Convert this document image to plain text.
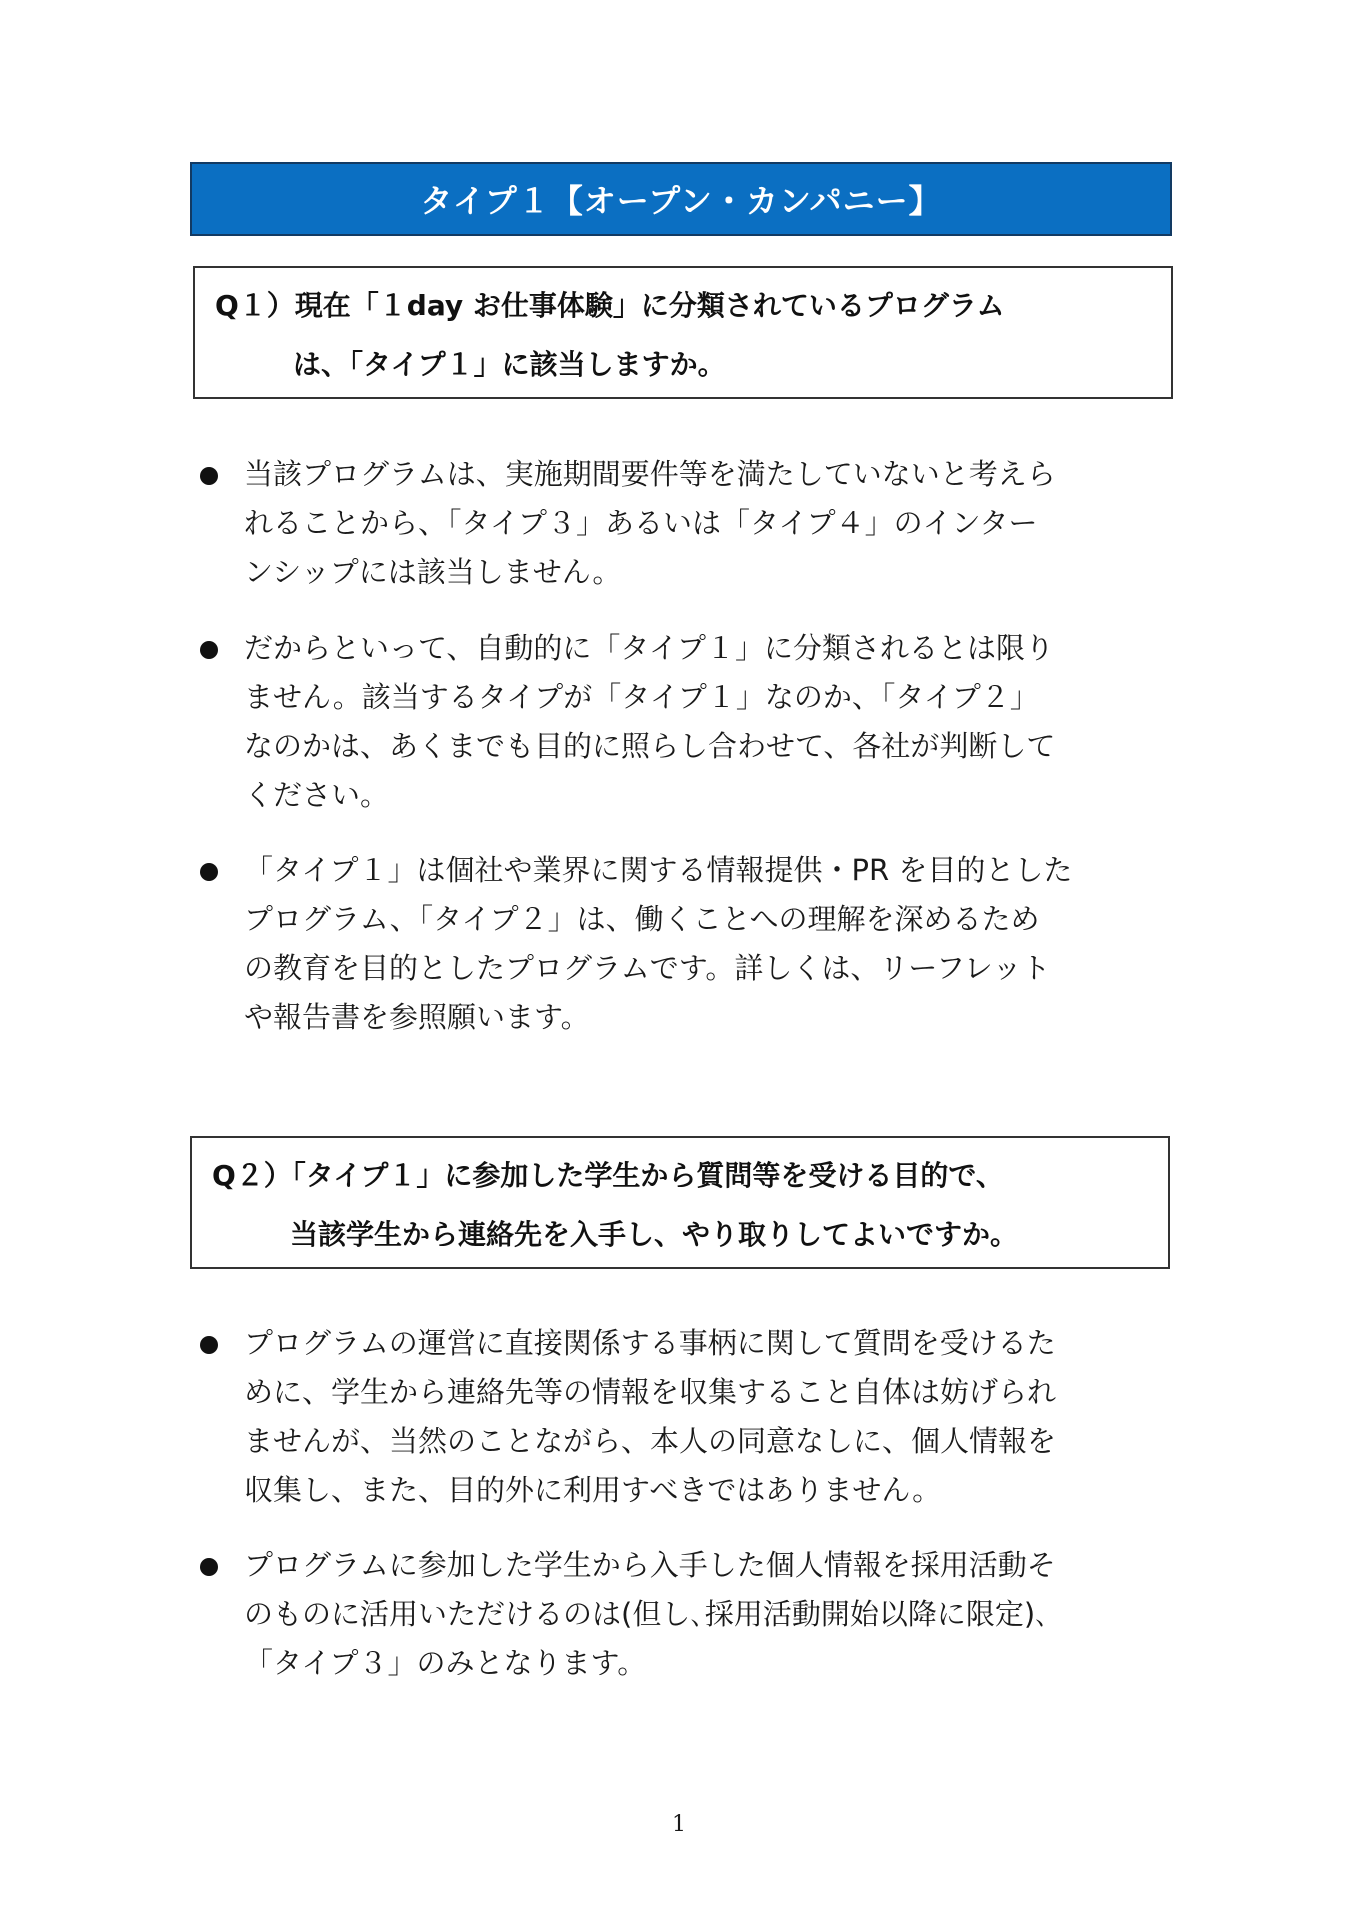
タイプ１【オープン・カンパニー】
Q１）現在「１day お仕事体験」に分類されているプログラム
は、「タイプ１」に該当しますか。
当該プログラムは、実施期間要件等を満たしていないと考えら
れることから、「タイプ３」あるいは「タイプ４」のインター
ンシップには該当しません。
だからといって、自動的に「タイプ１」に分類されるとは限り
ません。該当するタイプが「タイプ１」なのか、「タイプ２」
なのかは、あくまでも目的に照らし合わせて、各社が判断して
ください。
「タイプ１」は個社や業界に関する情報提供・PR を目的とした
プログラム、「タイプ２」は、働くことへの理解を深めるため
の教育を目的としたプログラムです。詳しくは、リーフレット
や報告書を参照願います。
Q２）「タイプ１」に参加した学生から質問等を受ける目的で、
当該学生から連絡先を入手し、やり取りしてよいですか。
プログラムの運営に直接関係する事柄に関して質問を受けるた
めに、学生から連絡先等の情報を収集すること自体は妨げられ
ませんが、当然のことながら、本人の同意なしに、個人情報を
収集し、また、目的外に利用すべきではありません。
プログラムに参加した学生から入手した個人情報を採用活動そ
のものに活用いただけるのは(但し､採用活動開始以降に限定)､
「タイプ３」のみとなります。
1
